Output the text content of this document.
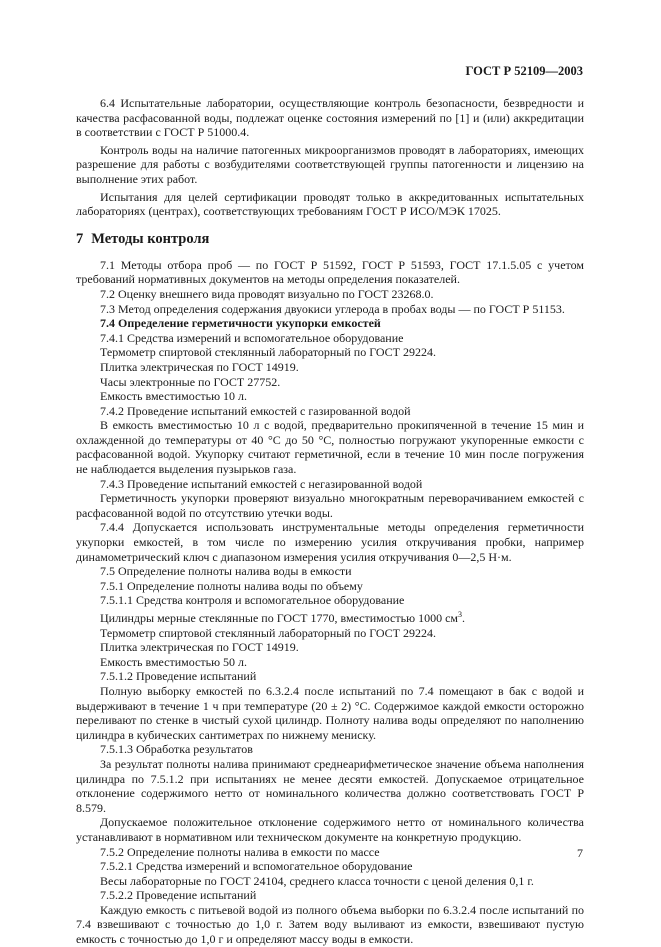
ГОСТ Р 52109—2003

6.4 Испытательные лаборатории, осуществляющие контроль безопасности, безвредности и качества расфасованной воды, подлежат оценке состояния измерений по [1] и (или) аккредитации в соответствии с ГОСТ Р 51000.4.

Контроль воды на наличие патогенных микроорганизмов проводят в лабораториях, имеющих разрешение для работы с возбудителями соответствующей группы патогенности и лицензию на выполнение этих работ.

Испытания для целей сертификации проводят только в аккредитованных испытательных лабораториях (центрах), соответствующих требованиям ГОСТ Р ИСО/МЭК 17025.

7 Методы контроля

7.1 Методы отбора проб — по ГОСТ Р 51592, ГОСТ Р 51593, ГОСТ 17.1.5.05 с учетом требований нормативных документов на методы определения показателей.

7.2 Оценку внешнего вида проводят визуально по ГОСТ 23268.0.

7.3 Метод определения содержания двуокиси углерода в пробах воды — по ГОСТ Р 51153.

7.4 Определение герметичности укупорки емкостей

7.4.1 Средства измерений и вспомогательное оборудование

Термометр спиртовой стеклянный лабораторный по ГОСТ 29224.

Плитка электрическая по ГОСТ 14919.

Часы электронные по ГОСТ 27752.

Емкость вместимостью 10 л.

7.4.2 Проведение испытаний емкостей с газированной водой

В емкость вместимостью 10 л с водой, предварительно прокипяченной в течение 15 мин и охлажденной до температуры от 40 °С до 50 °С, полностью погружают укупоренные емкости с расфасованной водой. Укупорку считают герметичной, если в течение 10 мин после погружения не наблюдается выделения пузырьков газа.

7.4.3 Проведение испытаний емкостей с негазированной водой

Герметичность укупорки проверяют визуально многократным переворачиванием емкостей с расфасованной водой по отсутствию утечки воды.

7.4.4 Допускается использовать инструментальные методы определения герметичности укупорки емкостей, в том числе по измерению усилия откручивания пробки, например динамометрический ключ с диапазоном измерения усилия откручивания 0—2,5 Н·м.

7.5 Определение полноты налива воды в емкости

7.5.1 Определение полноты налива воды по объему

7.5.1.1 Средства контроля и вспомогательное оборудование

Цилиндры мерные стеклянные по ГОСТ 1770, вместимостью 1000 $см^3$.

Термометр спиртовой стеклянный лабораторный по ГОСТ 29224.

Плитка электрическая по ГОСТ 14919.

Емкость вместимостью 50 л.

7.5.1.2 Проведение испытаний

Полную выборку емкостей по 6.3.2.4 после испытаний по 7.4 помещают в бак с водой и выдерживают в течение 1 ч при температуре (20 ± 2) °С. Содержимое каждой емкости осторожно переливают по стенке в чистый сухой цилиндр. Полноту налива воды определяют по наполнению цилиндра в кубических сантиметрах по нижнему мениску.

7.5.1.3 Обработка результатов

За результат полноты налива принимают среднеарифметическое значение объема наполнения цилиндра по 7.5.1.2 при испытаниях не менее десяти емкостей. Допускаемое отрицательное отклонение содержимого нетто от номинального количества должно соответствовать ГОСТ Р 8.579.

Допускаемое положительное отклонение содержимого нетто от номинального количества устанавливают в нормативном или техническом документе на конкретную продукцию.

7.5.2 Определение полноты налива в емкости по массе

7.5.2.1 Средства измерений и вспомогательное оборудование

Весы лабораторные по ГОСТ 24104, среднего класса точности с ценой деления 0,1 г.

7.5.2.2 Проведение испытаний

Каждую емкость с питьевой водой из полного объема выборки по 6.3.2.4 после испытаний по 7.4 взвешивают с точностью до 1,0 г. Затем воду выливают из емкости, взвешивают пустую емкость с точностью до 1,0 г и определяют массу воды в емкости.

7
